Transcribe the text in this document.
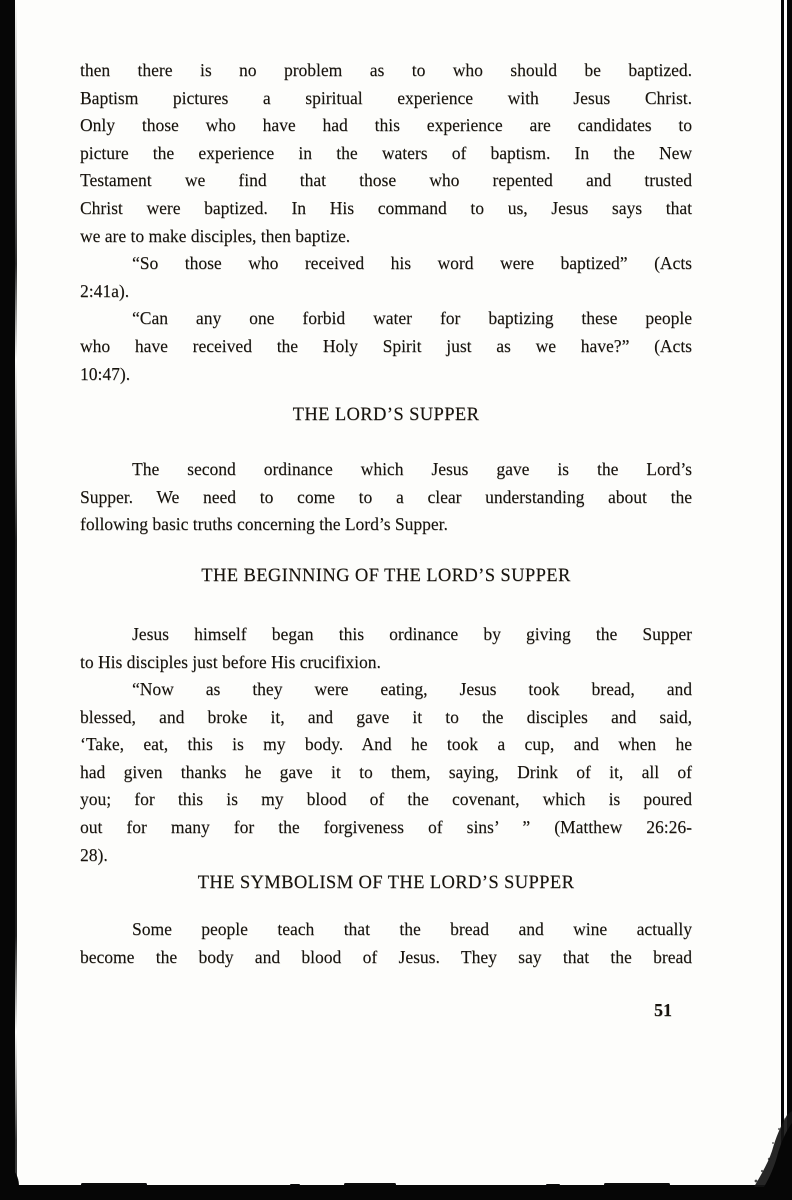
then there is no problem as to who should be baptized.
Baptism pictures a spiritual experience with Jesus Christ.
Only those who have had this experience are candidates to
picture the experience in the waters of baptism. In the New
Testament we find that those who repented and trusted
Christ were baptized. In His command to us, Jesus says that
we are to make disciples, then baptize.
“So those who received his word were baptized” (Acts
2:41a).
“Can any one forbid water for baptizing these people
who have received the Holy Spirit just as we have?” (Acts
10:47).
THE LORD’S SUPPER
The second ordinance which Jesus gave is the Lord’s
Supper. We need to come to a clear understanding about the
following basic truths concerning the Lord’s Supper.
THE BEGINNING OF THE LORD’S SUPPER
Jesus himself began this ordinance by giving the Supper
to His disciples just before His crucifixion.
“Now as they were eating, Jesus took bread, and
blessed, and broke it, and gave it to the disciples and said,
‘Take, eat, this is my body. And he took a cup, and when he
had given thanks he gave it to them, saying, Drink of it, all of
you; for this is my blood of the covenant, which is poured
out for many for the forgiveness of sins’ ” (Matthew 26:26-
28).
THE SYMBOLISM OF THE LORD’S SUPPER
Some people teach that the bread and wine actually
become the body and blood of Jesus. They say that the bread
51
